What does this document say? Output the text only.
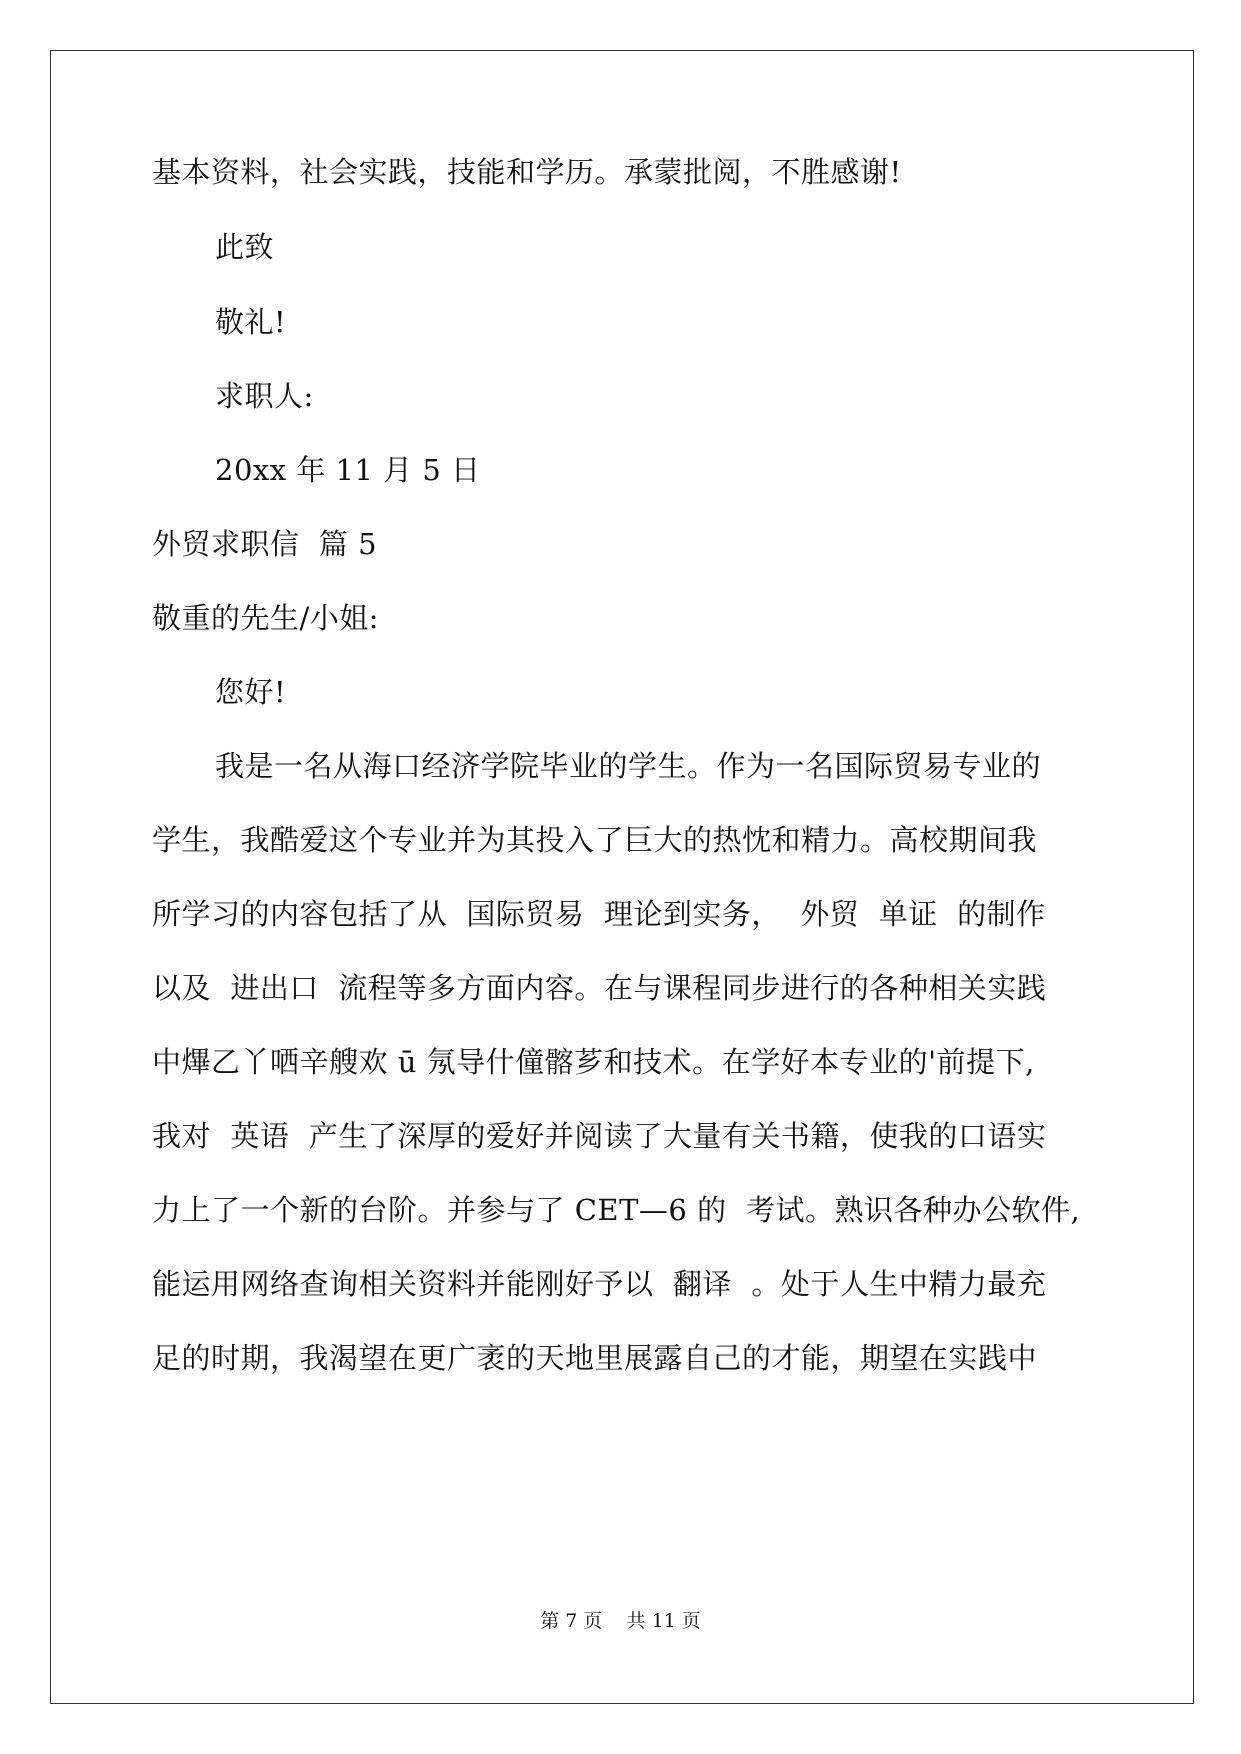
基本资料，社会实践，技能和学历。承蒙批阅，不胜感谢!
此致
敬礼!
求职人:
20xx 年 11 月 5 日
外贸求职信  篇 5
敬重的先生/小姐:
您好!
我是一名从海口经济学院毕业的学生。作为一名国际贸易专业的
学生，我酷爱这个专业并为其投入了巨大的热忱和精力。高校期间我
所学习的内容包括了从  国际贸易  理论到实务，  外贸  单证  的制作
以及  进出口  流程等多方面内容。在与课程同步进行的各种相关实践
中熚乙丫哂辛艘欢 ū 氖导什僮髂芗和技术。在学好本专业的'前提下,
我对  英语  产生了深厚的爱好并阅读了大量有关书籍，使我的口语实
力上了一个新的台阶。并参与了 CET—6 的  考试。熟识各种办公软件,
能运用网络查询相关资料并能刚好予以  翻译  。处于人生中精力最充
足的时期，我渴望在更广袤的天地里展露自己的才能，期望在实践中
第 7 页    共 11 页
